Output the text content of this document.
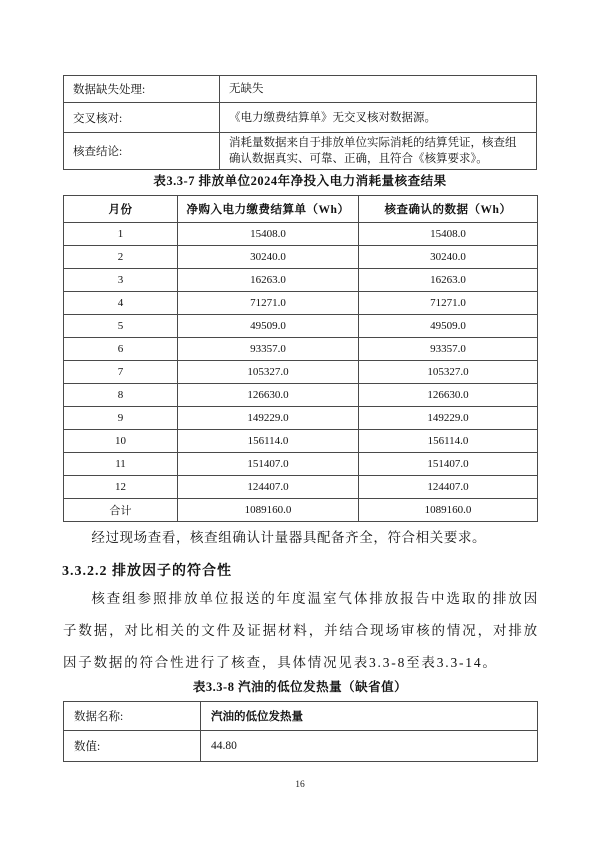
数据缺失处理:	无缺失
交叉核对:	《电力缴费结算单》无交叉核对数据源。
核查结论:	消耗量数据来自于排放单位实际消耗的结算凭证，核查组确认数据真实、可靠、正确，且符合《核算要求》。
表3.3-7 排放单位2024年净投入电力消耗量核查结果
月份	净购入电力缴费结算单（Wh）	核查确认的数据（Wh）
1	15408.0	15408.0
2	30240.0	30240.0
3	16263.0	16263.0
4	71271.0	71271.0
5	49509.0	49509.0
6	93357.0	93357.0
7	105327.0	105327.0
8	126630.0	126630.0
9	149229.0	149229.0
10	156114.0	156114.0
11	151407.0	151407.0
12	124407.0	124407.0
合计	1089160.0	1089160.0
经过现场查看，核查组确认计量器具配备齐全，符合相关要求。
3.3.2.2 排放因子的符合性
核查组参照排放单位报送的年度温室气体排放报告中选取的排放因子数据，对比相关的文件及证据材料，并结合现场审核的情况，对排放因子数据的符合性进行了核查，具体情况见表3.3-8至表3.3-14。
表3.3-8 汽油的低位发热量（缺省值）
数据名称:	汽油的低位发热量
数值:	44.80
16
